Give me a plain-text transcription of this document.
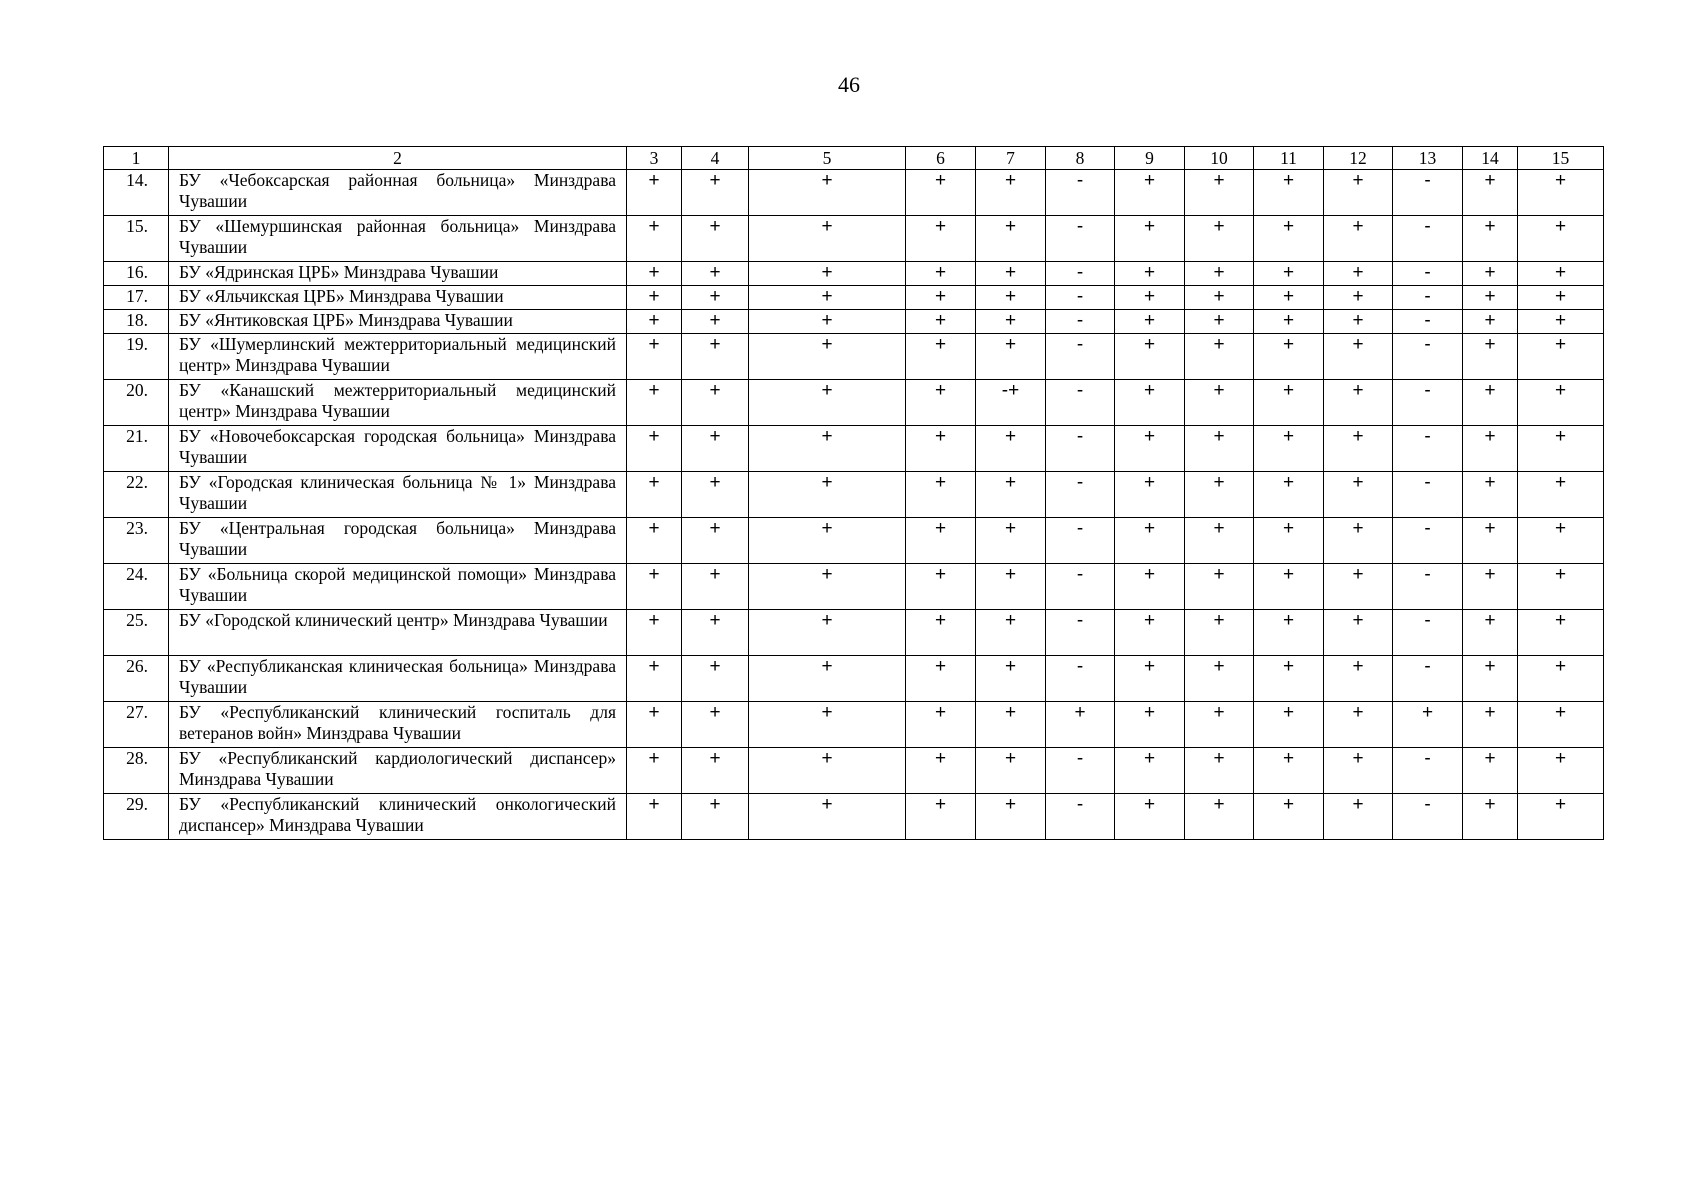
46
1	2	3	4	5	6	7	8	9	10	11	12	13	14	15
14.	БУ «Чебоксарская районная больница» Минздрава Чувашии	+	+	+	+	+	-	+	+	+	+	-	+	+
15.	БУ «Шемуршинская районная больница» Минздрава Чувашии	+	+	+	+	+	-	+	+	+	+	-	+	+
16.	БУ «Ядринская ЦРБ» Минздрава Чувашии	+	+	+	+	+	-	+	+	+	+	-	+	+
17.	БУ «Яльчикская ЦРБ» Минздрава Чувашии	+	+	+	+	+	-	+	+	+	+	-	+	+
18.	БУ «Янтиковская ЦРБ» Минздрава Чувашии	+	+	+	+	+	-	+	+	+	+	-	+	+
19.	БУ «Шумерлинский межтерриториальный медицинский центр» Минздрава Чувашии	+	+	+	+	+	-	+	+	+	+	-	+	+
20.	БУ «Канашский межтерриториальный медицинский центр» Минздрава Чувашии	+	+	+	+	-+	-	+	+	+	+	-	+	+
21.	БУ «Новочебоксарская городская больница» Минздрава Чувашии	+	+	+	+	+	-	+	+	+	+	-	+	+
22.	БУ «Городская клиническая больница № 1» Минздрава Чувашии	+	+	+	+	+	-	+	+	+	+	-	+	+
23.	БУ «Центральная городская больница» Минздрава Чувашии	+	+	+	+	+	-	+	+	+	+	-	+	+
24.	БУ «Больница скорой медицинской помощи» Минздрава Чувашии	+	+	+	+	+	-	+	+	+	+	-	+	+
25.	БУ «Городской клинический центр» Минздрава Чувашии	+	+	+	+	+	-	+	+	+	+	-	+	+
26.	БУ «Республиканская клиническая больница» Минздрава Чувашии	+	+	+	+	+	-	+	+	+	+	-	+	+
27.	БУ «Республиканский клинический госпиталь для ветеранов войн» Минздрава Чувашии	+	+	+	+	+	+	+	+	+	+	+	+	+
28.	БУ «Республиканский кардиологический диспансер» Минздрава Чувашии	+	+	+	+	+	-	+	+	+	+	-	+	+
29.	БУ «Республиканский клинический онкологический диспансер» Минздрава Чувашии	+	+	+	+	+	-	+	+	+	+	-	+	+
